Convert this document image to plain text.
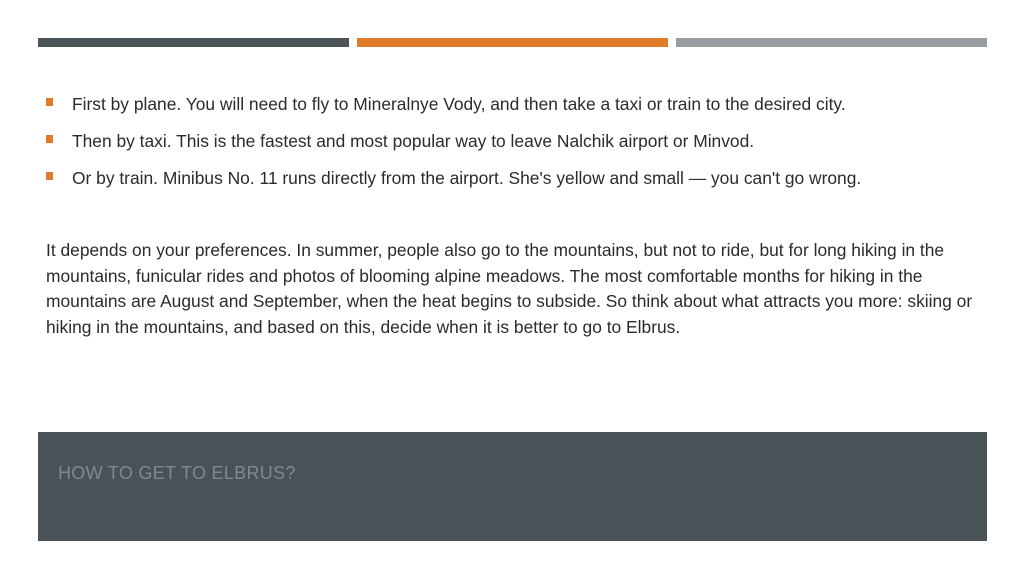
First by plane. You will need to fly to Mineralnye Vody, and then take a taxi or train to the desired city.
Then by taxi. This is the fastest and most popular way to leave Nalchik airport or Minvod.
Or by train. Minibus No. 11 runs directly from the airport. She's yellow and small — you can't go wrong.

It depends on your preferences. In summer, people also go to the mountains, but not to ride, but for long hiking in the mountains, funicular rides and photos of blooming alpine meadows. The most comfortable months for hiking in the mountains are August and September, when the heat begins to subside. So think about what attracts you more: skiing or hiking in the mountains, and based on this, decide when it is better to go to Elbrus.

HOW TO GET TO ELBRUS?
